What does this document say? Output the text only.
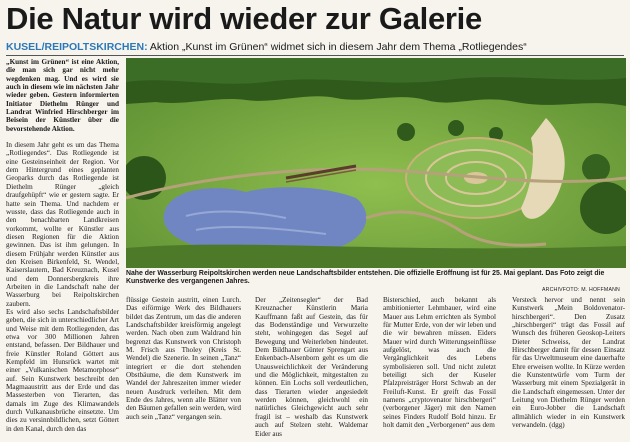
Die Natur wird wieder zur Galerie
KUSEL/REIPOLTSKIRCHEN: Aktion „Kunst im Grünen“ widmet sich in diesem Jahr dem Thema „Rotliegendes“

„Kunst im Grünen“ ist eine Aktion, die man sich gar nicht mehr wegdenken mag. Und es wird sie auch in diesem wie im nächsten Jahr wieder geben. Gestern informierten Initiator Diethelm Rünger und Landrat Winfried Hirschberger im Beisein der Künstler über die bevorstehende Aktion.

In diesem Jahr geht es um das Thema „Rotliegendes“. Das Rotliegende ist eine Gesteinseinheit der Region. Vor dem Hintergrund eines geplanten Geoparks durch das Rotliegende ist Diethelm Rünger „gleich draufgehüpft“ wie er gestern sagte. Er hatte sein Thema. Und nachdem er wusste, dass das Rotliegende auch in den benachbarten Landkreisen vorkommt, wollte er Künstler aus diesen Regionen für die Aktion gewinnen. Das ist ihm gelungen. In diesem Frühjahr werden Künstler aus den Kreisen Birkenfeld, St. Wendel, Kaiserslautern, Bad Kreuznach, Kusel und dem Donnersbergkreis ihre Arbeiten in die Landschaft nahe der Wasserburg bei Reipoltskirchen zaubern.

Es wird also sechs Landschaftsbilder geben, die sich in unterschiedlicher Art und Weise mit dem Rotliegenden, das etwa vor 300 Millionen Jahren entstand, befassen. Der Bildhauer und freie Künstler Roland Göttert aus Kempfeld im Hunsrück wartet mit einer „Vulkanischen Metamorphose“ auf. Sein Kunstwerk beschreibt den Magmaaustritt aus der Erde und das Massesterben von Tierarten, das damals im Zuge des Klimawandels durch Vulkanausbrüche einsetzte. Um dies zu versinnbildlichen, setzt Göttert in den Kanal, durch den das

Nahe der Wasserburg Reipoltskirchen werden neue Landschaftsbilder entstehen. Die offizielle Eröffnung ist für 25. Mai geplant. Das Foto zeigt die Kunstwerke des vergangenen Jahres.
ARCHIVFOTO: M. HOFFMANN

flüssige Gestein austritt, einen Lurch. Das eiförmige Werk des Bildhauers bildet das Zentrum, um das die anderen Landschaftsbilder kreisförmig angelegt werden. Nach oben zum Waldrand hin begrenzt das Kunstwerk von Christoph M. Frisch aus Tholey (Kreis St. Wendel) die Szenerie. In seinen „Tanz“ integriert er die dort stehenden Obstbäume, die dem Kunstwerk im Wandel der Jahreszeiten immer wieder neuen Ausdruck verleihen. Mit dem Ende des Jahres, wenn alle Blätter von den Bäumen gefallen sein werden, wird auch sein „Tanz“ vergangen sein.

Der „Zeitensegler“ der Bad Kreuznacher Künstlerin Maria Kauffmann faßt auf Gestein, das für das Bodenständige und Verwurzelte steht, wohingegen das Segel auf Bewegung und Weiterleben hindeutet. Dem Bildhauer Günter Sprengart aus Enkenbach-Alsenborn geht es um die Unausweichlichkeit der Veränderung und die Möglichkeit, mitgestalten zu können. Ein Lochs soll verdeutlichen, dass Tierarten wieder angesiedelt werden können, gleichwohl ein natürliches Gleichgewicht auch sehr fragil ist – weshalb das Kunstwerk auch auf Stelzen steht. Waldemar Eider aus

Bisterschied, auch bekannt als ambitionierter Lehmbauer, wird eine Mauer aus Lehm errichten als Symbol für Mutter Erde, von der wir leben und die wir bewahren müssen. Eiders Mauer wird durch Witterungseinflüsse aufgelöst, was auch die Vergänglichkeit des Lebens symbolisieren soll. Und nicht zuletzt beteiligt sich der Kuseler Pfalzpreisträger Horst Schwab an der Freiluft-Kunst. Er greift das Fossil namens „cryptovenator hirschbergeri“ (verborgener Jäger) mit den Namen seines Finders Rudolf Bold hinzu. Er holt damit den „Verborgenen“ aus dem

Versteck hervor und nennt sein Kunstwerk „Mein Boldovenator-hirschbergeri“. Den Zusatz „hirschbergeri“ trägt das Fossil auf Wunsch des früheren Geoskop-Leiters Dieter Schweiss, der Landrat Hirschberger damit für dessen Einsatz für das Urweltmuseum eine dauerhafte Ehre erweisen wollte. In Kürze werden die Kunstentwürfe vom Turm der Wasserburg mit einem Spezialgerät in die Landschaft eingemessen. Unter der Leitung von Diethelm Rünger werden ein Euro-Jobber die Landschaft allmählich wieder in ein Kunstwerk verwandeln. (dgg)
